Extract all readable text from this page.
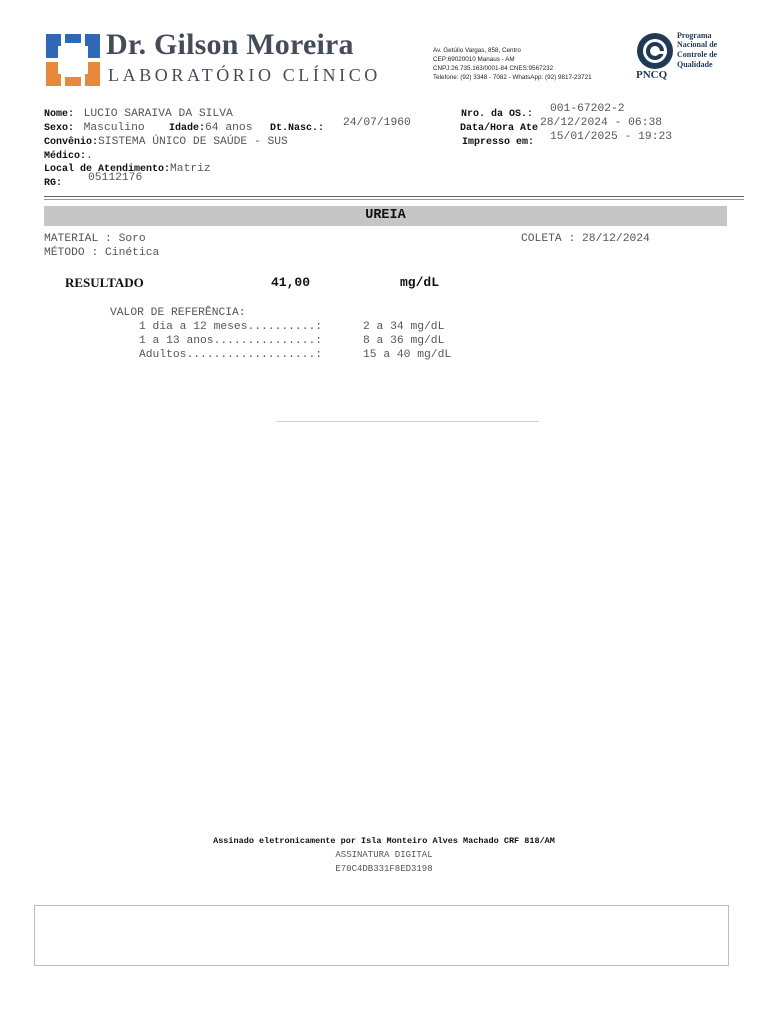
Dr. Gilson Moreira
LABORATÓRIO CLÍNICO
Av. Getúlio Vargas, 858, Centro
CEP:69020010 Manaus - AM
CNPJ:26.735.163/0001-84 CNES:9567232
Telefone: (92) 3348 - 7082 - WhatsApp: (92) 9817-23721	PNCQ
Programa
Nacional de
Controle de
Qualidade
Nome: LUCIO SARAIVA DA SILVA
Sexo: Masculino Idade:64 anos Dt.Nasc.: 24/07/1960
Convênio:SISTEMA ÚNICO DE SAÚDE - SUS
Médico:.
Local de Atendimento:Matriz
RG: 05112176
Nro. da OS.: 001-67202-2
Data/Hora Ate 28/12/2024 - 06:38
Impresso em: 15/01/2025 - 19:23
UREIA
MATERIAL : Soro
MÉTODO : Cinética
COLETA : 28/12/2024
RESULTADO	41,00	mg/dL
VALOR DE REFERÊNCIA:
1 dia a 12 meses..........:	2 a 34 mg/dL
1 a 13 anos...............:	8 a 36 mg/dL
Adultos...................:	15 a 40 mg/dL
Assinado eletronicamente por Isla Monteiro Alves Machado CRF 818/AM
ASSINATURA DIGITAL
E70C4DB331F8ED3198
